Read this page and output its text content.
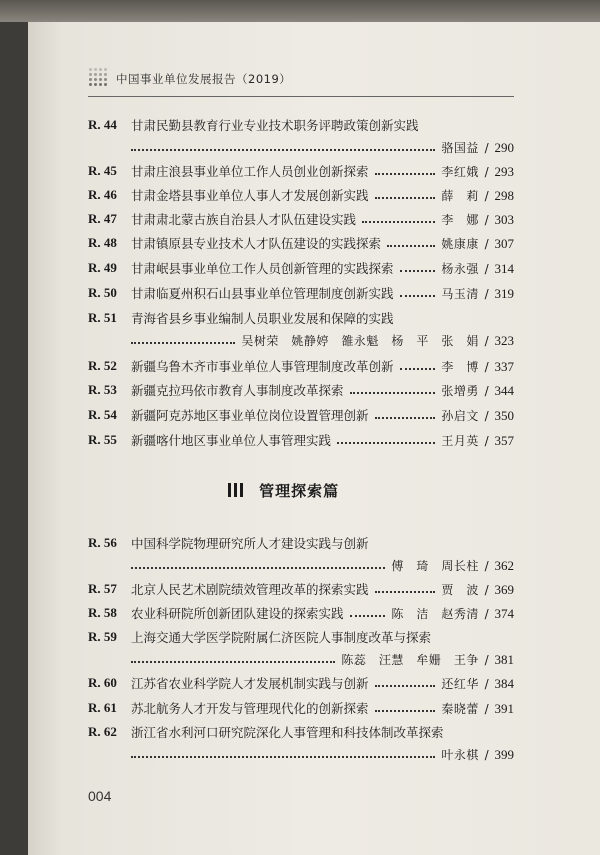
中国事业单位发展报告（2019）
R. 44	甘肃民勤县教育行业专业技术职务评聘政策创新实践
骆国益 / 290
R. 45	甘肃庄浪县事业单位工作人员创业创新探索	李红娥 / 293
R. 46	甘肃金塔县事业单位人事人才发展创新实践	薛　莉 / 298
R. 47	甘肃肃北蒙古族自治县人才队伍建设实践	李　娜 / 303
R. 48	甘肃镇原县专业技术人才队伍建设的实践探索	姚康康 / 307
R. 49	甘肃岷县事业单位工作人员创新管理的实践探索	杨永强 / 314
R. 50	甘肃临夏州积石山县事业单位管理制度创新实践	马玉清 / 319
R. 51	青海省县乡事业编制人员职业发展和保障的实践
吴树荣　姚静婷　雒永魁　杨　平　张　娟 / 323
R. 52	新疆乌鲁木齐市事业单位人事管理制度改革创新	李　博 / 337
R. 53	新疆克拉玛依市教育人事制度改革探索	张增勇 / 344
R. 54	新疆阿克苏地区事业单位岗位设置管理创新	孙启文 / 350
R. 55	新疆喀什地区事业单位人事管理实践	王月英 / 357
管理探索篇
R. 56	中国科学院物理研究所人才建设实践与创新
傅　琦　周长柱 / 362
R. 57	北京人民艺术剧院绩效管理改革的探索实践	贾　波 / 369
R. 58	农业科研院所创新团队建设的探索实践	陈　洁　赵秀清 / 374
R. 59	上海交通大学医学院附属仁济医院人事制度改革与探索
陈蕊　汪慧　牟姗　王争 / 381
R. 60	江苏省农业科学院人才发展机制实践与创新	还红华 / 384
R. 61	苏北航务人才开发与管理现代化的创新探索	秦晓蕾 / 391
R. 62	浙江省水利河口研究院深化人事管理和科技体制改革探索
叶永棋 / 399
004
